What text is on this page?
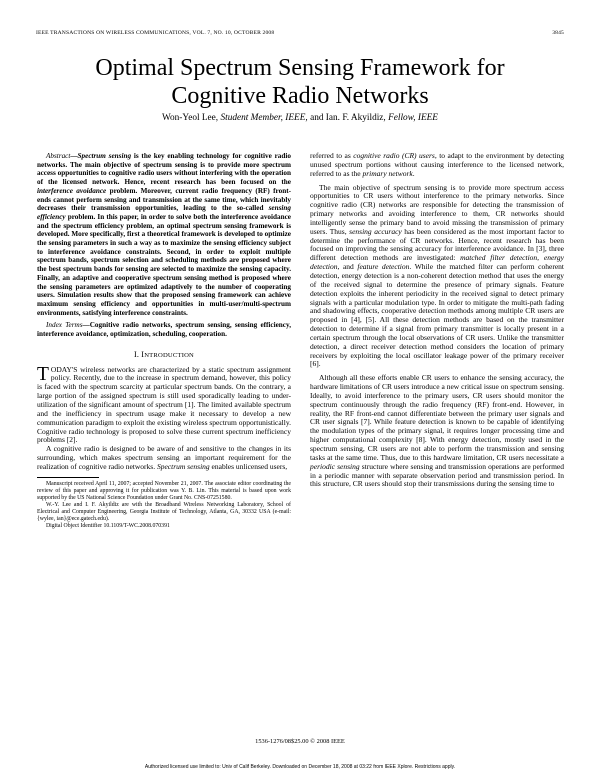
IEEE TRANSACTIONS ON WIRELESS COMMUNICATIONS, VOL. 7, NO. 10, OCTOBER 2008	3845
Optimal Spectrum Sensing Framework for
Cognitive Radio Networks
Won-Yeol Lee, Student Member, IEEE, and Ian. F. Akyildiz, Fellow, IEEE

Abstract—Spectrum sensing is the key enabling technology for cognitive radio networks. The main objective of spectrum sensing is to provide more spectrum access opportunities to cognitive radio users without interfering with the operation of the licensed network. Hence, recent research has been focused on the interference avoidance problem. Moreover, current radio frequency (RF) front-ends cannot perform sensing and transmission at the same time, which inevitably decreases their transmission opportunities, leading to the so-called sensing efficiency problem. In this paper, in order to solve both the interference avoidance and the spectrum efficiency problem, an optimal spectrum sensing framework is developed. More specifically, first a theoretical framework is developed to optimize the sensing parameters in such a way as to maximize the sensing efficiency subject to interference avoidance constraints. Second, in order to exploit multiple spectrum bands, spectrum selection and scheduling methods are proposed where the best spectrum bands for sensing are selected to maximize the sensing capacity. Finally, an adaptive and cooperative spectrum sensing method is proposed where the sensing parameters are optimized adaptively to the number of cooperating users. Simulation results show that the proposed sensing framework can achieve maximum sensing efficiency and opportunities in multi-user/multi-spectrum environments, satisfying interference constraints.

Index Terms—Cognitive radio networks, spectrum sensing, sensing efficiency, interference avoidance, optimization, scheduling, cooperation.

I. INTRODUCTION

TODAY'S wireless networks are characterized by a static spectrum assignment policy. Recently, due to the increase in spectrum demand, however, this policy is faced with the spectrum scarcity at particular spectrum bands. On the contrary, a large portion of the assigned spectrum is still used sporadically leading to under-utilization of the significant amount of spectrum [1]. The limited available spectrum and the inefficiency in spectrum usage make it necessary to develop a new communication paradigm to exploit the existing wireless spectrum opportunistically. Cognitive radio technology is proposed to solve these current spectrum inefficiency problems [2].

A cognitive radio is designed to be aware of and sensitive to the changes in its surrounding, which makes spectrum sensing an important requirement for the realization of cognitive radio networks. Spectrum sensing enables unlicensed users,

Manuscript received April 11, 2007; accepted November 21, 2007. The associate editor coordinating the review of this paper and approving it for publication was Y. B. Lin. This material is based upon work supported by the US National Science Foundation under Grant No. CNS-07251580.

W.-Y. Lee and I. F. Akyildiz are with the Broadband Wireless Networking Laboratory, School of Electrical and Computer Engineering, Georgia Institute of Technology, Atlanta, GA, 30332 USA (e-mail: {wylee, ian}@ece.gatech.edu).

Digital Object Identifier 10.1109/T-WC.2008.070391

referred to as cognitive radio (CR) users, to adapt to the environment by detecting unused spectrum portions without causing interference to the licensed network, referred to as the primary network.

The main objective of spectrum sensing is to provide more spectrum access opportunities to CR users without interference to the primary networks. Since cognitive radio (CR) networks are responsible for detecting the transmission of primary networks and avoiding interference to them, CR networks should intelligently sense the primary band to avoid missing the transmission of primary users. Thus, sensing accuracy has been considered as the most important factor to determine the performance of CR networks. Hence, recent research has been focused on improving the sensing accuracy for interference avoidance. In [3], three different detection methods are investigated: matched filter detection, energy detection, and feature detection. While the matched filter can perform coherent detection, energy detection is a non-coherent detection method that uses the energy of the received signal to determine the presence of primary signals. Feature detection exploits the inherent periodicity in the received signal to detect primary signals with a particular modulation type. In order to mitigate the multi-path fading and shadowing effects, cooperative detection methods among multiple CR users are proposed in [4], [5]. All these detection methods are based on the transmitter detection to determine if a signal from primary transmitter is locally present in a certain spectrum through the local observations of CR users. Unlike the transmitter detection, a direct receiver detection method considers the location of primary receivers by exploiting the local oscillator leakage power of the primary receiver [6].

Although all these efforts enable CR users to enhance the sensing accuracy, the hardware limitations of CR users introduce a new critical issue on spectrum sensing. Ideally, to avoid interference to the primary users, CR users should monitor the spectrum continuously through the radio frequency (RF) front-end. However, in reality, the RF front-end cannot differentiate between the primary user signals and CR user signals [7]. While feature detection is known to be capable of identifying the modulation types of the primary signal, it requires longer processing time and higher computational complexity [8]. With energy detection, mostly used in the spectrum sensing, CR users are not able to perform the transmission and sensing tasks at the same time. Thus, due to this hardware limitation, CR users necessitate a periodic sensing structure where sensing and transmission operations are performed in a periodic manner with separate observation period and transmission period. In this structure, CR users should stop their transmissions during the sensing time to

1536-1276/08$25.00 © 2008 IEEE
Authorized licensed use limited to: Univ of Calif Berkeley. Downloaded on December 18, 2008 at 03:22 from IEEE Xplore. Restrictions apply.
